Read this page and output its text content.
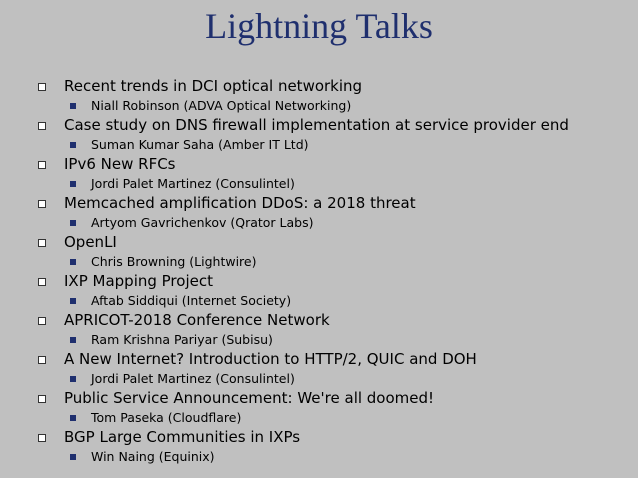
Lightning Talks
Recent trends in DCI optical networking
Niall Robinson (ADVA Optical Networking)
Case study on DNS firewall implementation at service provider end
Suman Kumar Saha (Amber IT Ltd)
IPv6 New RFCs
Jordi Palet Martinez (Consulintel)
Memcached amplification DDoS: a 2018 threat
Artyom Gavrichenkov (Qrator Labs)
OpenLI
Chris Browning (Lightwire)
IXP Mapping Project
Aftab Siddiqui (Internet Society)
APRICOT-2018 Conference Network
Ram Krishna Pariyar (Subisu)
A New Internet? Introduction to HTTP/2, QUIC and DOH
Jordi Palet Martinez (Consulintel)
Public Service Announcement: We're all doomed!
Tom Paseka (Cloudflare)
BGP Large Communities in IXPs
Win Naing (Equinix)
